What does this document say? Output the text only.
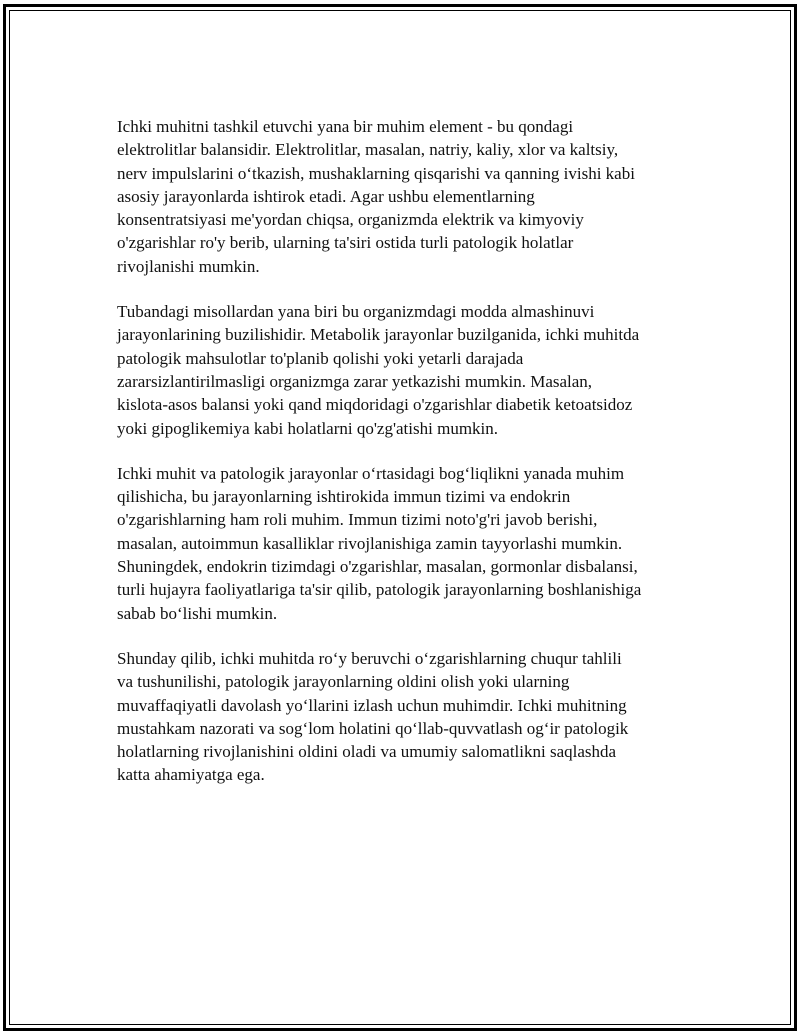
Ichki muhitni tashkil etuvchi yana bir muhim element - bu qondagi
elektrolitlar balansidir. Elektrolitlar, masalan, natriy, kaliy, xlor va kaltsiy,
nerv impulslarini o‘tkazish, mushaklarning qisqarishi va qanning ivishi kabi
asosiy jarayonlarda ishtirok etadi. Agar ushbu elementlarning
konsentratsiyasi me'yordan chiqsa, organizmda elektrik va kimyoviy
o'zgarishlar ro'y berib, ularning ta'siri ostida turli patologik holatlar
rivojlanishi mumkin.

Tubandagi misollardan yana biri bu organizmdagi modda almashinuvi
jarayonlarining buzilishidir. Metabolik jarayonlar buzilganida, ichki muhitda
patologik mahsulotlar to'planib qolishi yoki yetarli darajada
zararsizlantirilmasligi organizmga zarar yetkazishi mumkin. Masalan,
kislota-asos balansi yoki qand miqdoridagi o'zgarishlar diabetik ketoatsidoz
yoki gipoglikemiya kabi holatlarni qo'zg'atishi mumkin.

Ichki muhit va patologik jarayonlar o‘rtasidagi bog‘liqlikni yanada muhim
qilishicha, bu jarayonlarning ishtirokida immun tizimi va endokrin
o'zgarishlarning ham roli muhim. Immun tizimi noto'g'ri javob berishi,
masalan, autoimmun kasalliklar rivojlanishiga zamin tayyorlashi mumkin.
Shuningdek, endokrin tizimdagi o'zgarishlar, masalan, gormonlar disbalansi,
turli hujayra faoliyatlariga ta'sir qilib, patologik jarayonlarning boshlanishiga
sabab bo‘lishi mumkin.

Shunday qilib, ichki muhitda ro‘y beruvchi o‘zgarishlarning chuqur tahlili
va tushunilishi, patologik jarayonlarning oldini olish yoki ularning
muvaffaqiyatli davolash yo‘llarini izlash uchun muhimdir. Ichki muhitning
mustahkam nazorati va sog‘lom holatini qo‘llab-quvvatlash og‘ir patologik
holatlarning rivojlanishini oldini oladi va umumiy salomatlikni saqlashda
katta ahamiyatga ega.
